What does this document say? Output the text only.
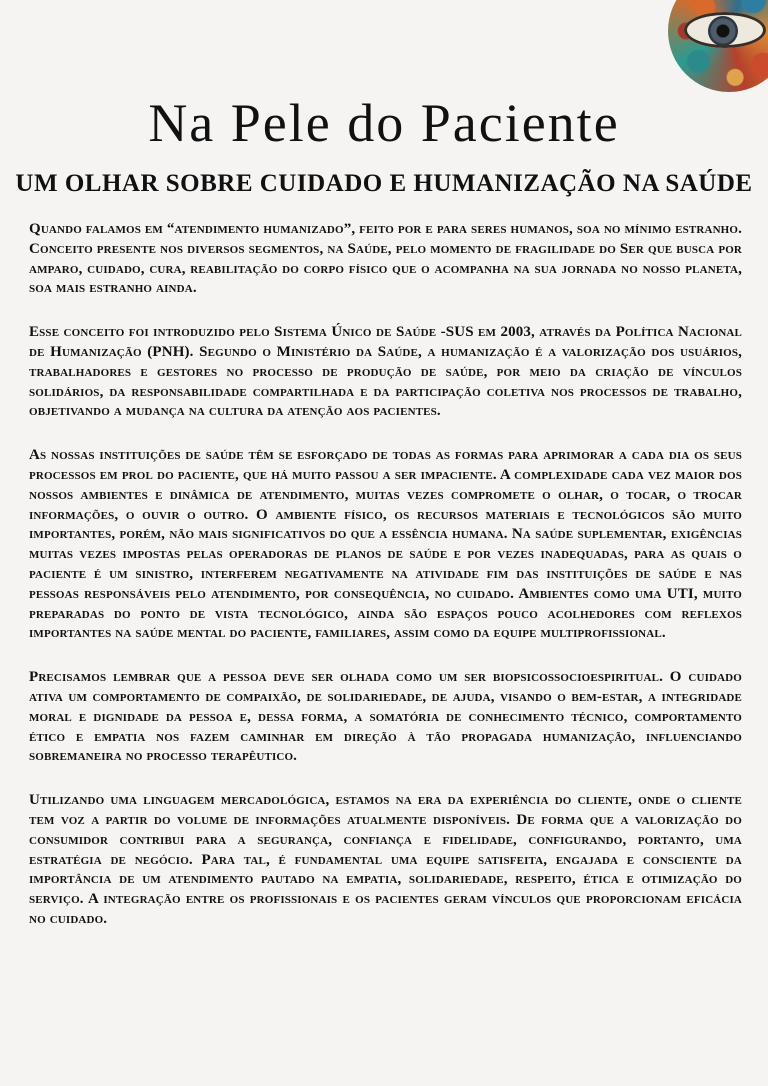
Na Pele do Paciente
UM OLHAR SOBRE CUIDADO E HUMANIZAÇÃO NA SAÚDE

Quando falamos em “atendimento humanizado”, feito por e para seres humanos, soa no mínimo estranho. Conceito presente nos diversos segmentos, na Saúde, pelo momento de fragilidade do Ser que busca por amparo, cuidado, cura, reabilitação do corpo físico que o acompanha na sua jornada no nosso planeta, soa mais estranho ainda.

Esse conceito foi introduzido pelo Sistema Único de Saúde -SUS em 2003, através da Política Nacional de Humanização (PNH). Segundo o Ministério da Saúde, a humanização é a valorização dos usuários, trabalhadores e gestores no processo de produção de saúde, por meio da criação de vínculos solidários, da responsabilidade compartilhada e da participação coletiva nos processos de trabalho, objetivando a mudança na cultura da atenção aos pacientes.

As nossas instituições de saúde têm se esforçado de todas as formas para aprimorar a cada dia os seus processos em prol do paciente, que há muito passou a ser impaciente. A complexidade cada vez maior dos nossos ambientes e dinâmica de atendimento, muitas vezes compromete o olhar, o tocar, o trocar informações, o ouvir o outro. O ambiente físico, os recursos materiais e tecnológicos são muito importantes, porém, não mais significativos do que a essência humana. Na saúde suplementar, exigências muitas vezes impostas pelas operadoras de planos de saúde e por vezes inadequadas, para as quais o paciente é um sinistro, interferem negativamente na atividade fim das instituições de saúde e nas pessoas responsáveis pelo atendimento, por consequência, no cuidado. Ambientes como uma UTI, muito preparadas do ponto de vista tecnológico, ainda são espaços pouco acolhedores com reflexos importantes na saúde mental do paciente, familiares, assim como da equipe multiprofissional.

Precisamos lembrar que a pessoa deve ser olhada como um ser biopsicossocioespiritual. O cuidado ativa um comportamento de compaixão, de solidariedade, de ajuda, visando o bem-estar, a integridade moral e dignidade da pessoa e, dessa forma, a somatória de conhecimento técnico, comportamento ético e empatia nos fazem caminhar em direção à tão propagada humanização, influenciando sobremaneira no processo terapêutico.

Utilizando uma linguagem mercadológica, estamos na era da experiência do cliente, onde o cliente tem voz a partir do volume de informações atualmente disponíveis. De forma que a valorização do consumidor contribui para a segurança, confiança e fidelidade, configurando, portanto, uma estratégia de negócio. Para tal, é fundamental uma equipe satisfeita, engajada e consciente da importância de um atendimento pautado na empatia, solidariedade, respeito, ética e otimização do serviço. A integração entre os profissionais e os pacientes geram vínculos que proporcionam eficácia no cuidado.
